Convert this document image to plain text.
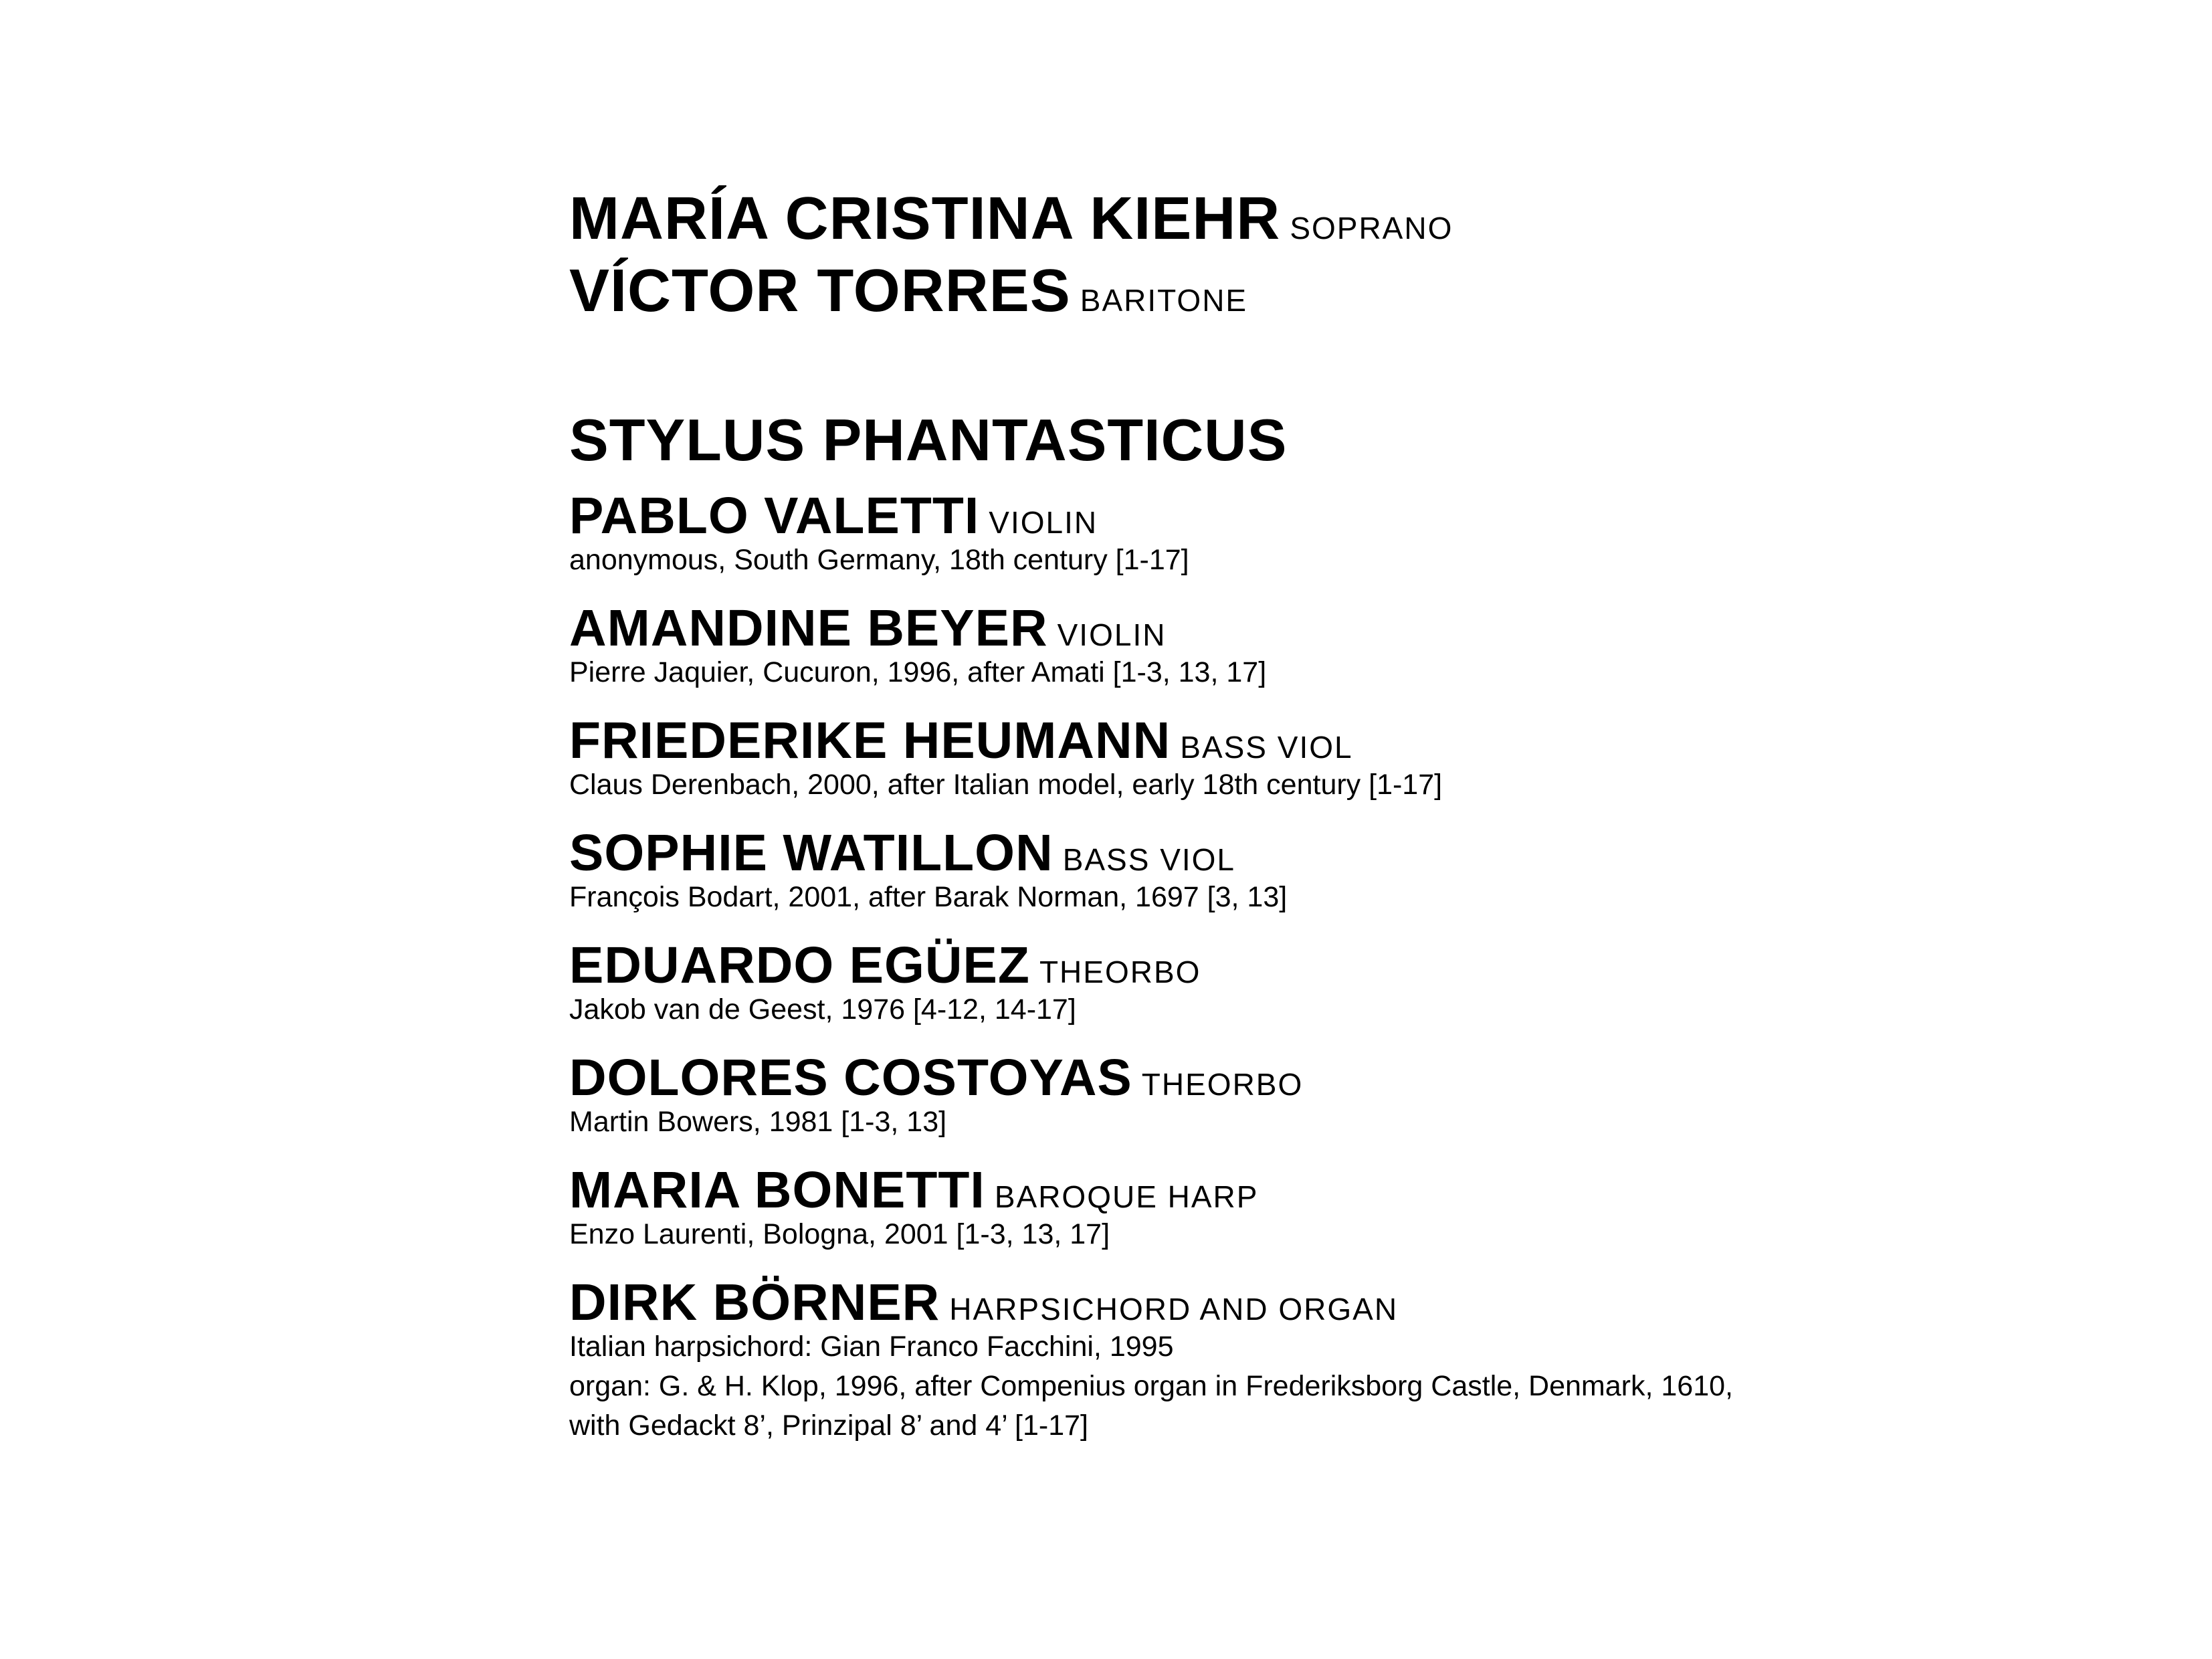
MARÍA CRISTINA KIEHR SOPRANO
VÍCTOR TORRES BARITONE
STYLUS PHANTASTICUS
PABLO VALETTI VIOLIN
anonymous, South Germany, 18th century [1-17]
AMANDINE BEYER VIOLIN
Pierre Jaquier, Cucuron, 1996, after Amati [1-3, 13, 17]
FRIEDERIKE HEUMANN BASS VIOL
Claus Derenbach, 2000, after Italian model, early 18th century [1-17]
SOPHIE WATILLON BASS VIOL
François Bodart, 2001, after Barak Norman, 1697 [3, 13]
EDUARDO EGÜEZ THEORBO
Jakob van de Geest, 1976 [4-12, 14-17]
DOLORES COSTOYAS THEORBO
Martin Bowers, 1981 [1-3, 13]
MARIA BONETTI BAROQUE HARP
Enzo Laurenti, Bologna, 2001 [1-3, 13, 17]
DIRK BÖRNER HARPSICHORD AND ORGAN
Italian harpsichord: Gian Franco Facchini, 1995
organ: G. & H. Klop, 1996, after Compenius organ in Frederiksborg Castle, Denmark, 1610,
with Gedackt 8’, Prinzipal 8’ and 4’ [1-17]
